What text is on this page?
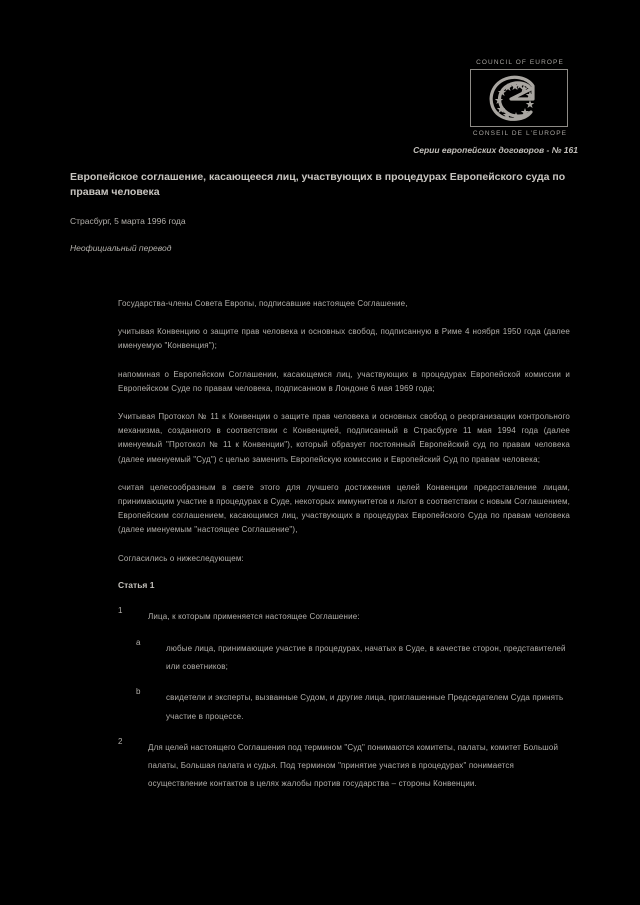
COUNCIL OF EUROPE
CONSEIL DE L'EUROPE
Серии европейских договоров - № 161
Европейское соглашение, касающееся лиц, участвующих в процедурах Европейского суда по правам человека
Страсбург, 5 марта 1996 года
Неофициальный перевод
Государства-члены Совета Европы, подписавшие настоящее Соглашение,
учитывая Конвенцию о защите прав человека и основных свобод, подписанную в Риме 4 ноября 1950 года (далее именуемую "Конвенция");
напоминая о Европейском Соглашении, касающемся лиц, участвующих в процедурах Европейской комиссии и Европейском Суде по правам человека, подписанном в Лондоне 6 мая 1969 года;
Учитывая Протокол № 11 к Конвенции о защите прав человека и основных свобод о реорганизации контрольного механизма, созданного в соответствии с Конвенцией, подписанный в Страсбурге 11 мая 1994 года (далее именуемый "Протокол № 11 к Конвенции"), который образует постоянный Европейский суд по правам человека (далее именуемый "Суд") с целью заменить Европейскую комиссию и Европейский Суд по правам человека;
считая целесообразным в свете этого для лучшего достижения целей Конвенции предоставление лицам, принимающим участие в процедурах в Суде, некоторых иммунитетов и льгот в соответствии с новым Соглашением, Европейским соглашением, касающимся лиц, участвующих в процедурах Европейского Суда по правам человека (далее именуемым "настоящее Соглашение"),
Согласились о нижеследующем:
Статья 1
1
Лица, к которым применяется настоящее Соглашение:
a
любые лица, принимающие участие в процедурах, начатых в Суде, в качестве сторон, представителей или советников;
b
свидетели и эксперты, вызванные Судом, и другие лица, приглашенные Председателем Суда принять участие в процессе.
2
Для целей настоящего Соглашения под термином "Суд" понимаются комитеты, палаты, комитет Большой палаты, Большая палата и судья. Под термином "принятие участия в процедурах" понимается осуществление контактов в целях жалобы против государства – стороны Конвенции.
